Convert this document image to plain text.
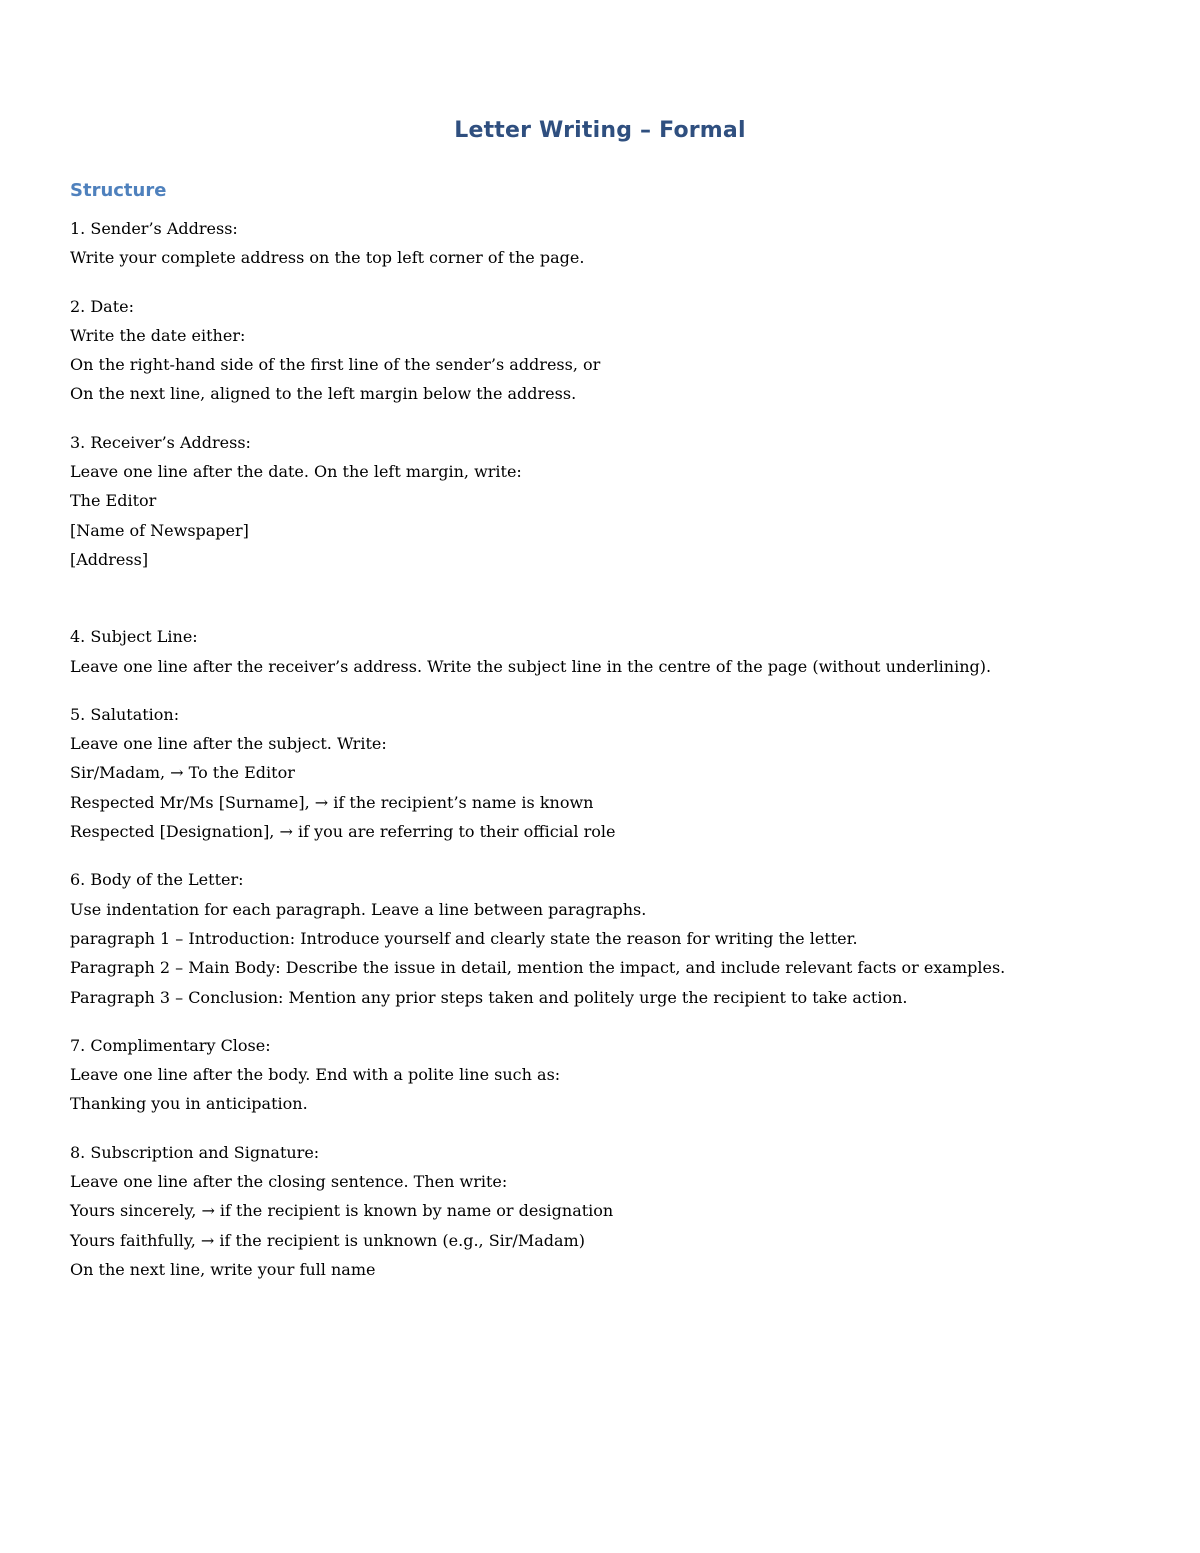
Letter Writing – Formal
Structure
1. Sender’s Address:
Write your complete address on the top left corner of the page.
2. Date:
Write the date either:
On the right-hand side of the first line of the sender’s address, or
On the next line, aligned to the left margin below the address.
3. Receiver’s Address:
Leave one line after the date. On the left margin, write:
The Editor
[Name of Newspaper]
[Address]
4. Subject Line:
Leave one line after the receiver’s address. Write the subject line in the centre of the page (without underlining).
5. Salutation:
Leave one line after the subject. Write:
Sir/Madam, → To the Editor
Respected Mr/Ms [Surname], → if the recipient’s name is known
Respected [Designation], → if you are referring to their official role
6. Body of the Letter:
Use indentation for each paragraph. Leave a line between paragraphs.
paragraph 1 – Introduction: Introduce yourself and clearly state the reason for writing the letter.
Paragraph 2 – Main Body: Describe the issue in detail, mention the impact, and include relevant facts or examples.
Paragraph 3 – Conclusion: Mention any prior steps taken and politely urge the recipient to take action.
7. Complimentary Close:
Leave one line after the body. End with a polite line such as:
Thanking you in anticipation.
8. Subscription and Signature:
Leave one line after the closing sentence. Then write:
Yours sincerely, → if the recipient is known by name or designation
Yours faithfully, → if the recipient is unknown (e.g., Sir/Madam)
On the next line, write your full name
